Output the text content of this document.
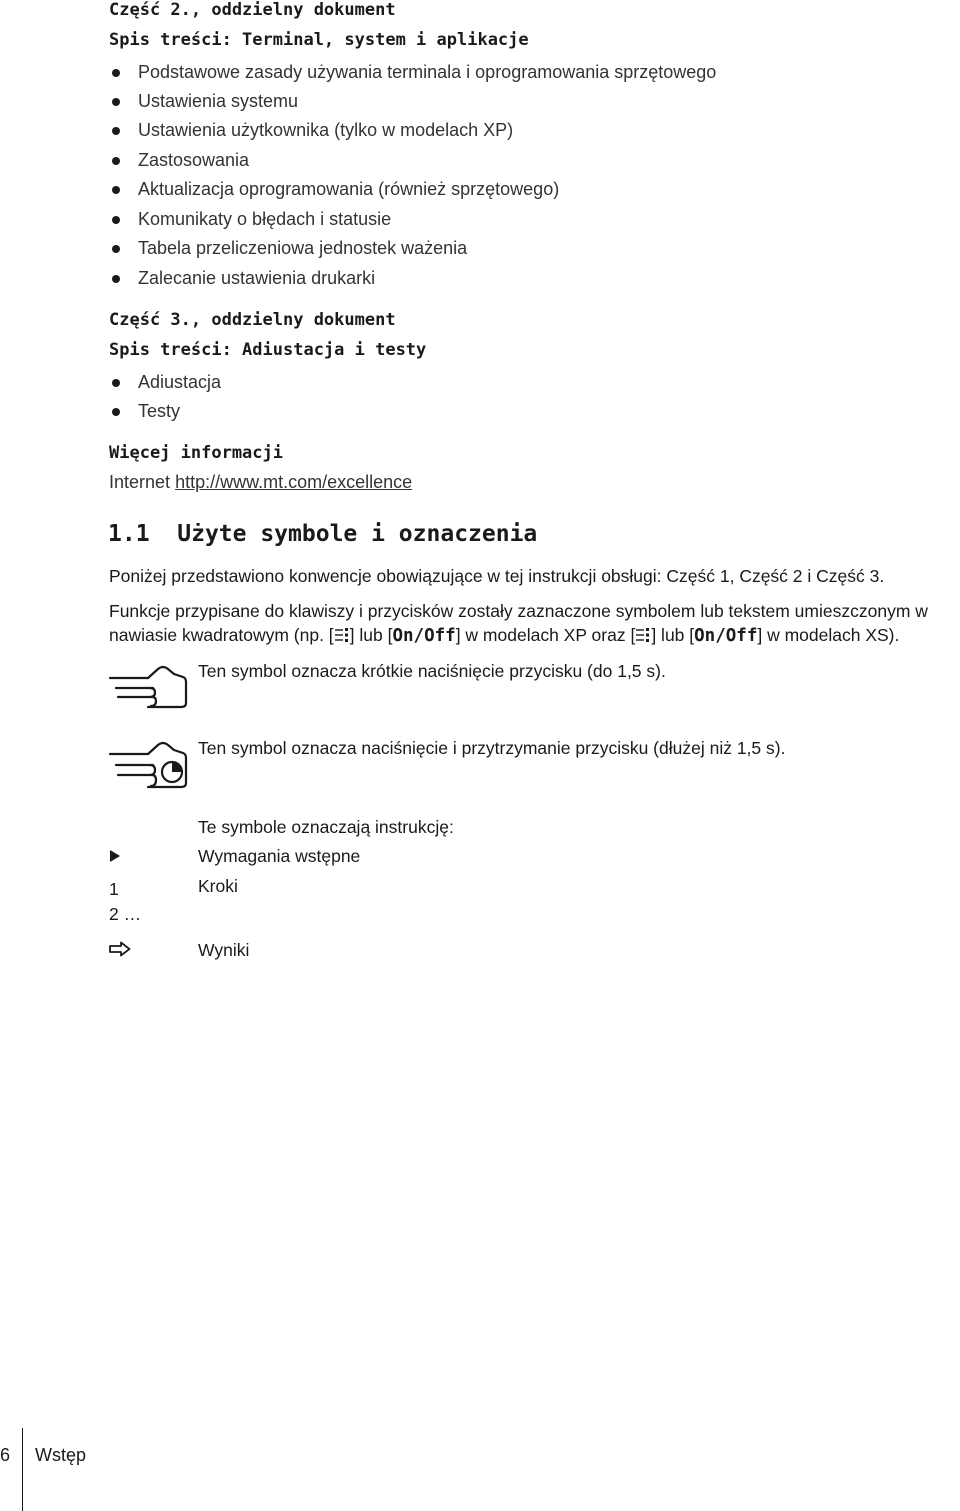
Część 2., oddzielny dokument
Spis treści: Terminal, system i aplikacje
Podstawowe zasady używania terminala i oprogramowania sprzętowego
Ustawienia systemu
Ustawienia użytkownika (tylko w modelach XP)
Zastosowania
Aktualizacja oprogramowania (również sprzętowego)
Komunikaty o błędach i statusie
Tabela przeliczeniowa jednostek ważenia
Zalecanie ustawienia drukarki
Część 3., oddzielny dokument
Spis treści: Adiustacja i testy
Adiustacja
Testy
Więcej informacji
Internet http://www.mt.com/excellence
1.1 Użyte symbole i oznaczenia
Poniżej przedstawiono konwencje obowiązujące w tej instrukcji obsługi: Część 1, Część 2 i Część 3.
Funkcje przypisane do klawiszy i przycisków zostały zaznaczone symbolem lub tekstem umieszczonym w
nawiasie kwadratowym (np. [ ] lub [On/Off] w modelach XP oraz [ ] lub [On/Off] w modelach XS).
Ten symbol oznacza krótkie naciśnięcie przycisku (do 1,5 s).
Ten symbol oznacza naciśnięcie i przytrzymanie przycisku (dłużej niż 1,5 s).
Te symbole oznaczają instrukcję:
Wymagania wstępne
1
2 …
Kroki
Wyniki
6 Wstęp
